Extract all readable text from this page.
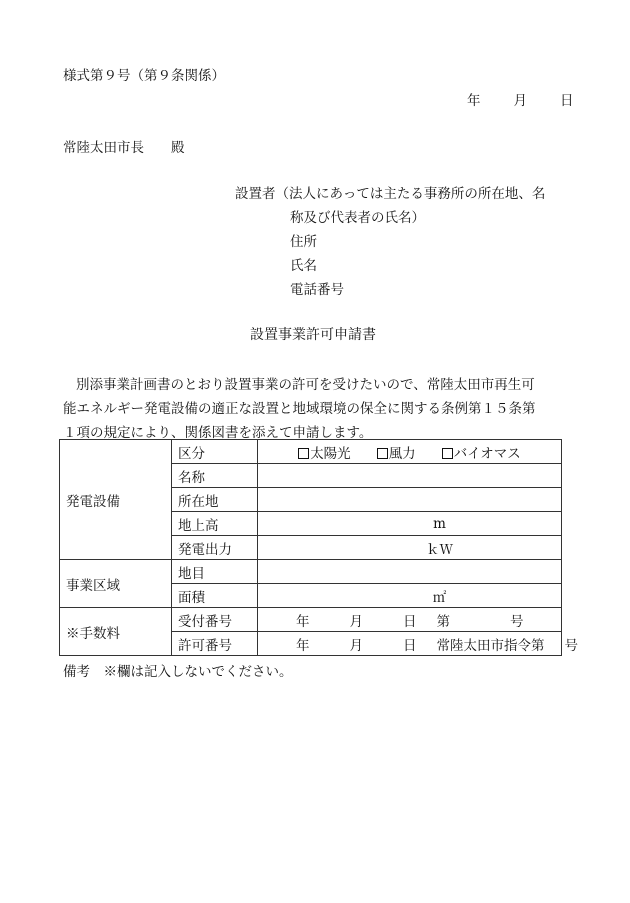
様式第９号（第９条関係）
年 月 日
常陸太田市長　　殿
設置者（法人にあっては主たる事務所の所在地、名
称及び代表者の氏名）
住所
氏名
電話番号
設置事業許可申請書
別添事業計画書のとおり設置事業の許可を受けたいので、常陸太田市再生可
能エネルギー発電設備の適正な設置と地域環境の保全に関する条例第１５条第
１項の規定により、関係図書を添えて申請します。
発電設備	区分	太陽光 風力 バイオマス
	名称	
	所在地	
	地上高	m
	発電出力	ｋＷ
事業区域	地目	
	面積	㎡
※手数料	受付番号	年 月 日 第 号
	許可番号	年 月 日 常陸太田市指令第 号
備考　※欄は記入しないでください。
